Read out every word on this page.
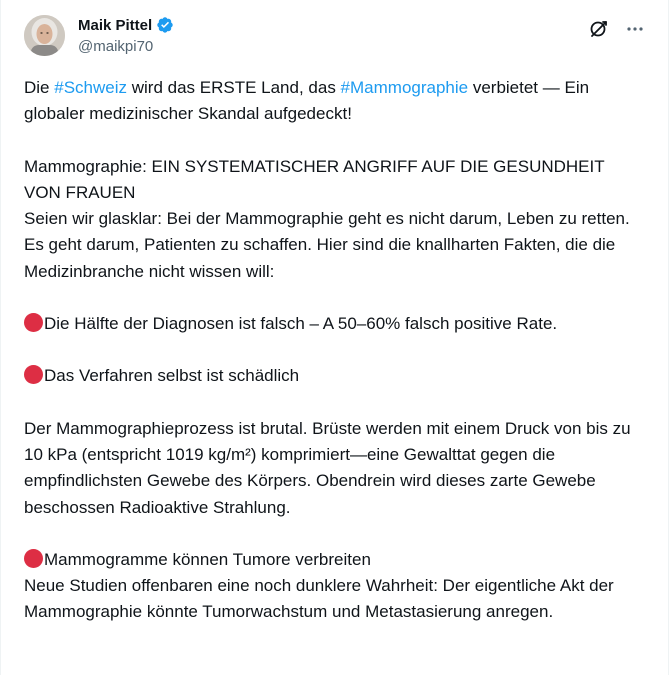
Maik Pittel
@maikpi70
Die #Schweiz wird das ERSTE Land, das #Mammographie verbietet — Ein globaler medizinischer Skandal aufgedeckt!
Mammographie: EIN SYSTEMATISCHER ANGRIFF AUF DIE GESUNDHEIT VON FRAUEN
Seien wir glasklar: Bei der Mammographie geht es nicht darum, Leben zu retten. Es geht darum, Patienten zu schaffen. Hier sind die knallharten Fakten, die die Medizinbranche nicht wissen will:
Die Hälfte der Diagnosen ist falsch – A 50–60% falsch positive Rate.
Das Verfahren selbst ist schädlich
Der Mammographieprozess ist brutal. Brüste werden mit einem Druck von bis zu 10 kPa (entspricht 1019 kg/m²) komprimiert—eine Gewalttat gegen die empfindlichsten Gewebe des Körpers. Obendrein wird dieses zarte Gewebe beschossen Radioaktive Strahlung.
Mammogramme können Tumore verbreiten
Neue Studien offenbaren eine noch dunklere Wahrheit: Der eigentliche Akt der Mammographie könnte Tumorwachstum und Metastasierung anregen.
